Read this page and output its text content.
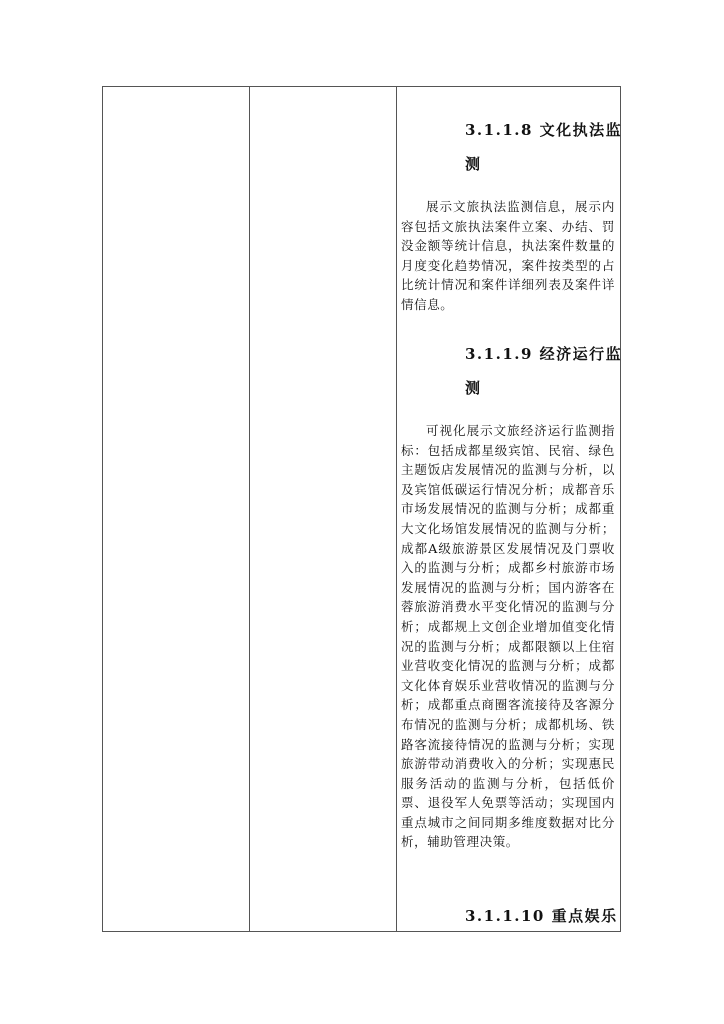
3.1.1.8 文化执法监
测
展示文旅执法监测信息，展示内容包括文旅执法案件立案、办结、罚没金额等统计信息，执法案件数量的月度变化趋势情况，案件按类型的占比统计情况和案件详细列表及案件详情信息。
3.1.1.9 经济运行监
测
可视化展示文旅经济运行监测指标：包括成都星级宾馆、民宿、绿色主题饭店发展情况的监测与分析，以及宾馆低碳运行情况分析；成都音乐市场发展情况的监测与分析；成都重大文化场馆发展情况的监测与分析；成都A级旅游景区发展情况及门票收入的监测与分析；成都乡村旅游市场发展情况的监测与分析；国内游客在蓉旅游消费水平变化情况的监测与分析；成都规上文创企业增加值变化情况的监测与分析；成都限额以上住宿业营收变化情况的监测与分析；成都文化体育娱乐业营收情况的监测与分析；成都重点商圈客流接待及客源分布情况的监测与分析；成都机场、铁路客流接待情况的监测与分析；实现旅游带动消费收入的分析；实现惠民服务活动的监测与分析，包括低价票、退役军人免票等活动；实现国内重点城市之间同期多维度数据对比分析，辅助管理决策。
3.1.1.10 重点娱乐
